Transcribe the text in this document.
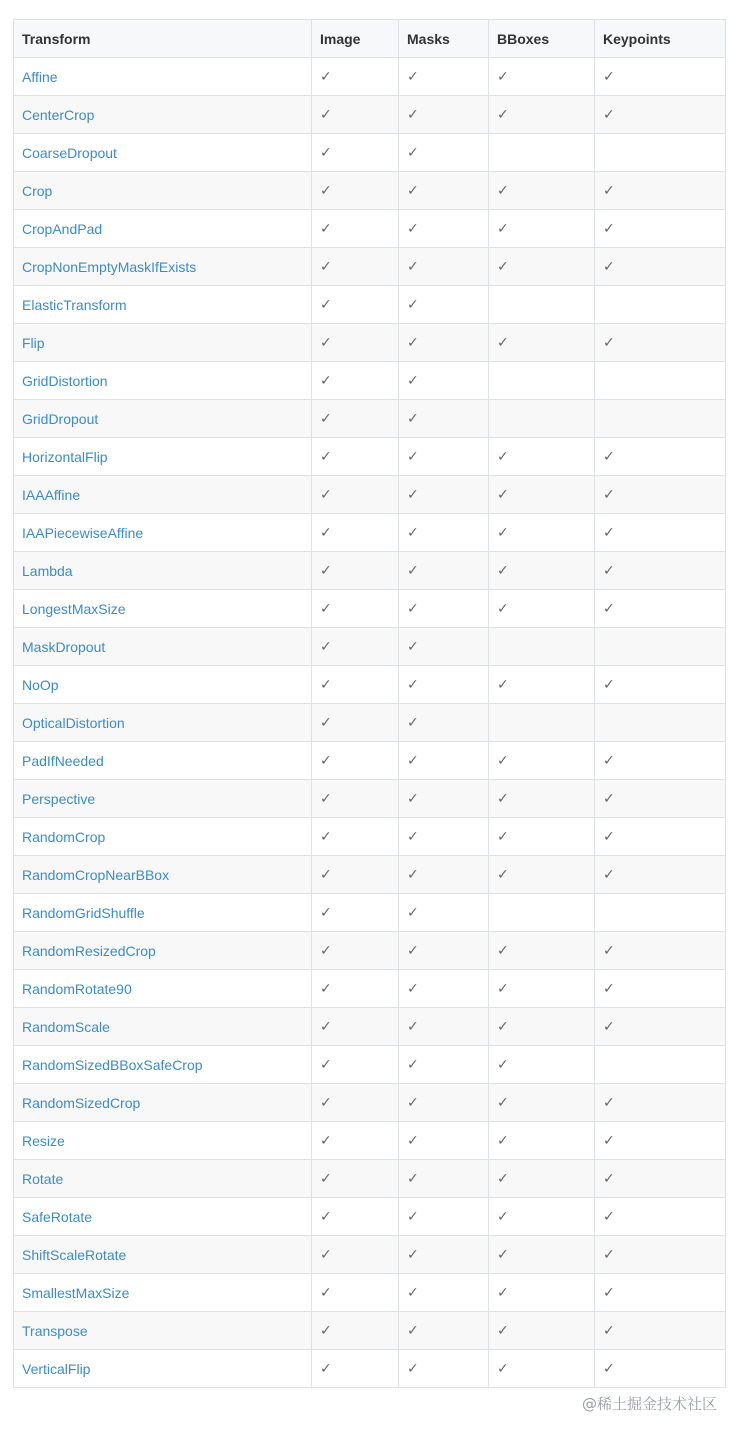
Transform	Image	Masks	BBoxes	Keypoints
Affine	✓	✓	✓	✓
CenterCrop	✓	✓	✓	✓
CoarseDropout	✓	✓		
Crop	✓	✓	✓	✓
CropAndPad	✓	✓	✓	✓
CropNonEmptyMaskIfExists	✓	✓	✓	✓
ElasticTransform	✓	✓		
Flip	✓	✓	✓	✓
GridDistortion	✓	✓		
GridDropout	✓	✓		
HorizontalFlip	✓	✓	✓	✓
IAAAffine	✓	✓	✓	✓
IAAPiecewiseAffine	✓	✓	✓	✓
Lambda	✓	✓	✓	✓
LongestMaxSize	✓	✓	✓	✓
MaskDropout	✓	✓		
NoOp	✓	✓	✓	✓
OpticalDistortion	✓	✓		
PadIfNeeded	✓	✓	✓	✓
Perspective	✓	✓	✓	✓
RandomCrop	✓	✓	✓	✓
RandomCropNearBBox	✓	✓	✓	✓
RandomGridShuffle	✓	✓		
RandomResizedCrop	✓	✓	✓	✓
RandomRotate90	✓	✓	✓	✓
RandomScale	✓	✓	✓	✓
RandomSizedBBoxSafeCrop	✓	✓	✓	
RandomSizedCrop	✓	✓	✓	✓
Resize	✓	✓	✓	✓
Rotate	✓	✓	✓	✓
SafeRotate	✓	✓	✓	✓
ShiftScaleRotate	✓	✓	✓	✓
SmallestMaxSize	✓	✓	✓	✓
Transpose	✓	✓	✓	✓
VerticalFlip	✓	✓	✓	✓
@稀土掘金技术社区
